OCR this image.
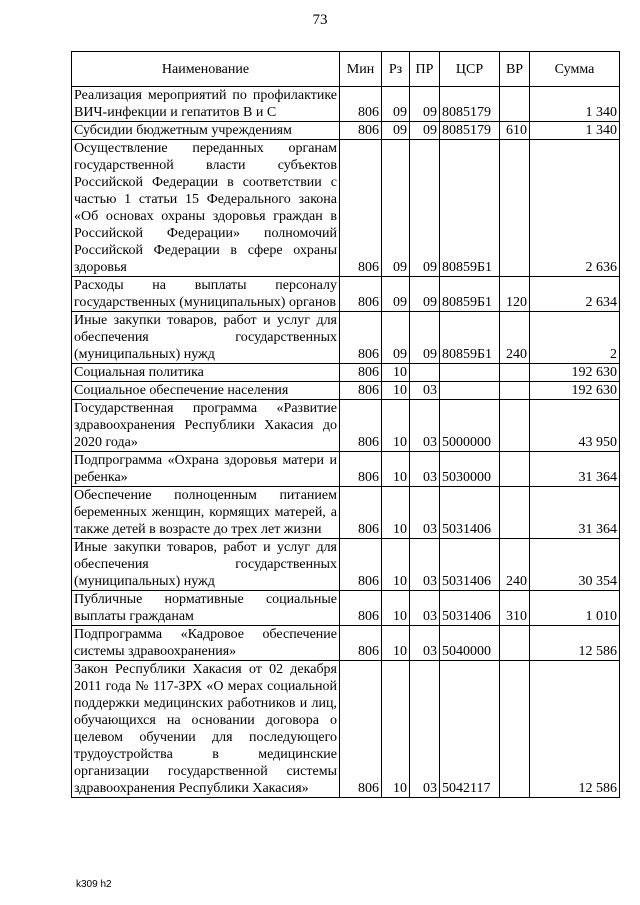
73
Наименование	Мин	Рз	ПР	ЦСР	ВР	Сумма
Реализация мероприятий по профилактике ВИЧ-инфекции и гепатитов В и С	806	09	09	8085179		1 340
Субсидии бюджетным учреждениям	806	09	09	8085179	610	1 340
Осуществление переданных органам государственной власти субъектов Российской Федерации в соответствии с частью 1 статьи 15 Федерального закона «Об основах охраны здоровья граждан в Российской Федерации» полномочий Российской Федерации в сфере охраны здоровья	806	09	09	80859Б1		2 636
Расходы на выплаты персоналу государственных (муниципальных) органов	806	09	09	80859Б1	120	2 634
Иные закупки товаров, работ и услуг для обеспечения государственных (муниципальных) нужд	806	09	09	80859Б1	240	2
Социальная политика	806	10				192 630
Социальное обеспечение населения	806	10	03			192 630
Государственная программа «Развитие здравоохранения Республики Хакасия до 2020 года»	806	10	03	5000000		43 950
Подпрограмма «Охрана здоровья матери и ребенка»	806	10	03	5030000		31 364
Обеспечение полноценным питанием беременных женщин, кормящих матерей, а также детей в возрасте до трех лет жизни	806	10	03	5031406		31 364
Иные закупки товаров, работ и услуг для обеспечения государственных (муниципальных) нужд	806	10	03	5031406	240	30 354
Публичные нормативные социальные выплаты гражданам	806	10	03	5031406	310	1 010
Подпрограмма «Кадровое обеспечение системы здравоохранения»	806	10	03	5040000		12 586
Закон Республики Хакасия от 02 декабря 2011 года № 117-ЗРХ «О мерах социальной поддержки медицинских работников и лиц, обучающихся на основании договора о целевом обучении для последующего трудоустройства в медицинские организации государственной системы здравоохранения Республики Хакасия»	806	10	03	5042117		12 586
k309 h2
